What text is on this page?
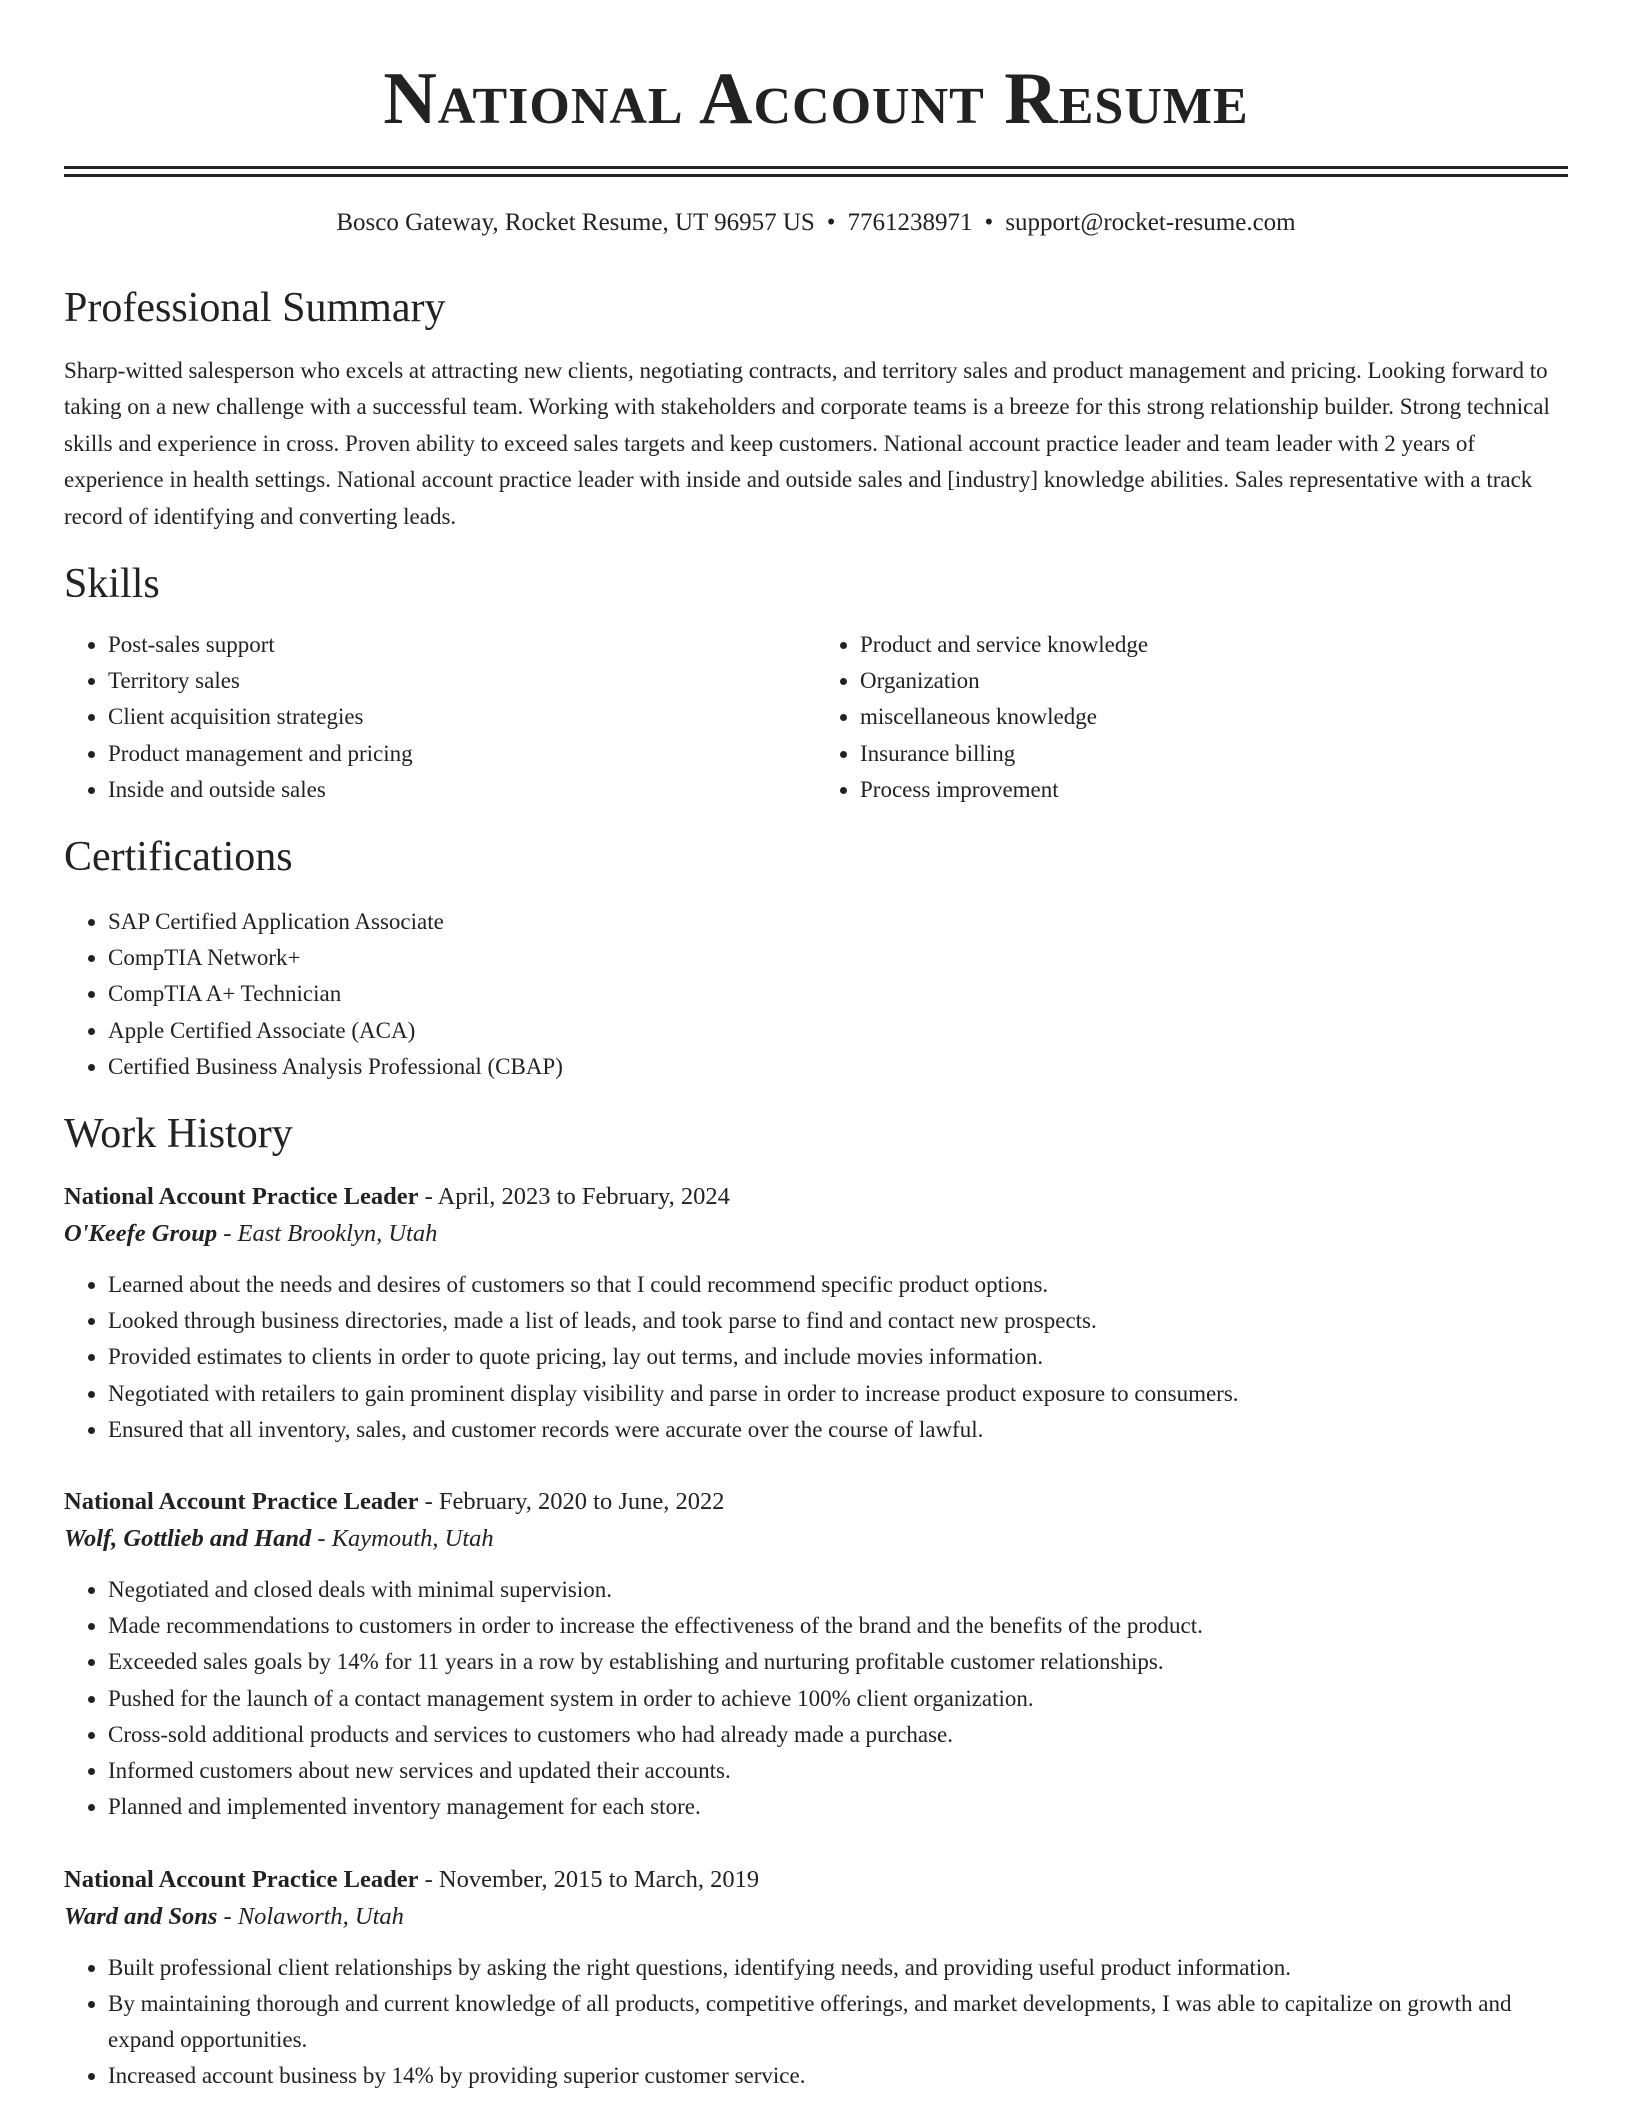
National Account Resume
Bosco Gateway, Rocket Resume, UT 96957 US • 7761238971 • support@rocket-resume.com
Professional Summary

Sharp-witted salesperson who excels at attracting new clients, negotiating contracts, and territory sales and product management and pricing. Looking forward to taking on a new challenge with a successful team. Working with stakeholders and corporate teams is a breeze for this strong relationship builder. Strong technical skills and experience in cross. Proven ability to exceed sales targets and keep customers. National account practice leader and team leader with 2 years of experience in health settings. National account practice leader with inside and outside sales and [industry] knowledge abilities. Sales representative with a track record of identifying and converting leads.

Skills
• Post-sales support
• Territory sales
• Client acquisition strategies
• Product management and pricing
• Inside and outside sales
• Product and service knowledge
• Organization
• miscellaneous knowledge
• Insurance billing
• Process improvement
Certifications
• SAP Certified Application Associate
• CompTIA Network+
• CompTIA A+ Technician
• Apple Certified Associate (ACA)
• Certified Business Analysis Professional (CBAP)
Work History
National Account Practice Leader - April, 2023 to February, 2024
O'Keefe Group - East Brooklyn, Utah
• Learned about the needs and desires of customers so that I could recommend specific product options.
• Looked through business directories, made a list of leads, and took parse to find and contact new prospects.
• Provided estimates to clients in order to quote pricing, lay out terms, and include movies information.
• Negotiated with retailers to gain prominent display visibility and parse in order to increase product exposure to consumers.
• Ensured that all inventory, sales, and customer records were accurate over the course of lawful.
National Account Practice Leader - February, 2020 to June, 2022
Wolf, Gottlieb and Hand - Kaymouth, Utah
• Negotiated and closed deals with minimal supervision.
• Made recommendations to customers in order to increase the effectiveness of the brand and the benefits of the product.
• Exceeded sales goals by 14% for 11 years in a row by establishing and nurturing profitable customer relationships.
• Pushed for the launch of a contact management system in order to achieve 100% client organization.
• Cross-sold additional products and services to customers who had already made a purchase.
• Informed customers about new services and updated their accounts.
• Planned and implemented inventory management for each store.
National Account Practice Leader - November, 2015 to March, 2019
Ward and Sons - Nolaworth, Utah
• Built professional client relationships by asking the right questions, identifying needs, and providing useful product information.
• By maintaining thorough and current knowledge of all products, competitive offerings, and market developments, I was able to capitalize on growth and expand opportunities.
• Increased account business by 14% by providing superior customer service.
